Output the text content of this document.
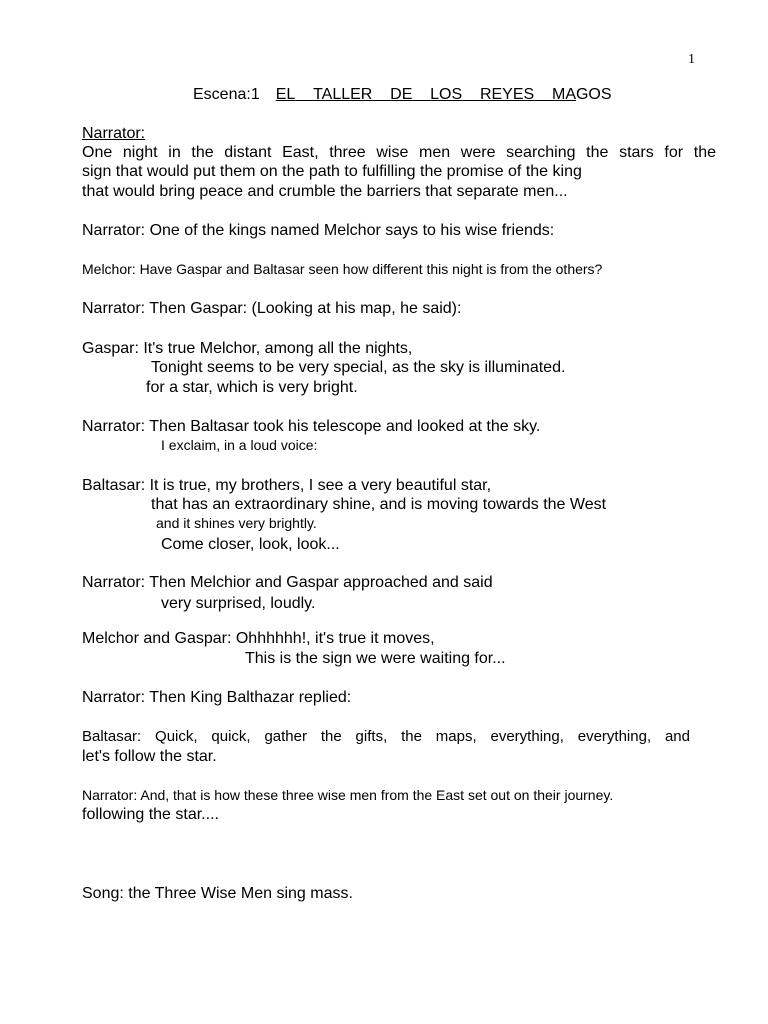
1
Escena:1 EL TALLER DE LOS REYES MAGOS
Narrator:
One night in the distant East, three wise men were searching the stars for the
sign that would put them on the path to fulfilling the promise of the king
that would bring peace and crumble the barriers that separate men...
Narrator: One of the kings named Melchor says to his wise friends:
Melchor: Have Gaspar and Baltasar seen how different this night is from the others?
Narrator: Then Gaspar: (Looking at his map, he said):
Gaspar: It's true Melchor, among all the nights,
Tonight seems to be very special, as the sky is illuminated.
for a star, which is very bright.
Narrator: Then Baltasar took his telescope and looked at the sky.
I exclaim, in a loud voice:
Baltasar: It is true, my brothers, I see a very beautiful star,
that has an extraordinary shine, and is moving towards the West
and it shines very brightly.
Come closer, look, look...
Narrator: Then Melchior and Gaspar approached and said
very surprised, loudly.
Melchor and Gaspar: Ohhhhhh!, it's true it moves,
This is the sign we were waiting for...
Narrator: Then King Balthazar replied:
Baltasar: Quick, quick, gather the gifts, the maps, everything, everything, and
let's follow the star.
Narrator: And, that is how these three wise men from the East set out on their journey.
following the star....
Song: the Three Wise Men sing mass.
